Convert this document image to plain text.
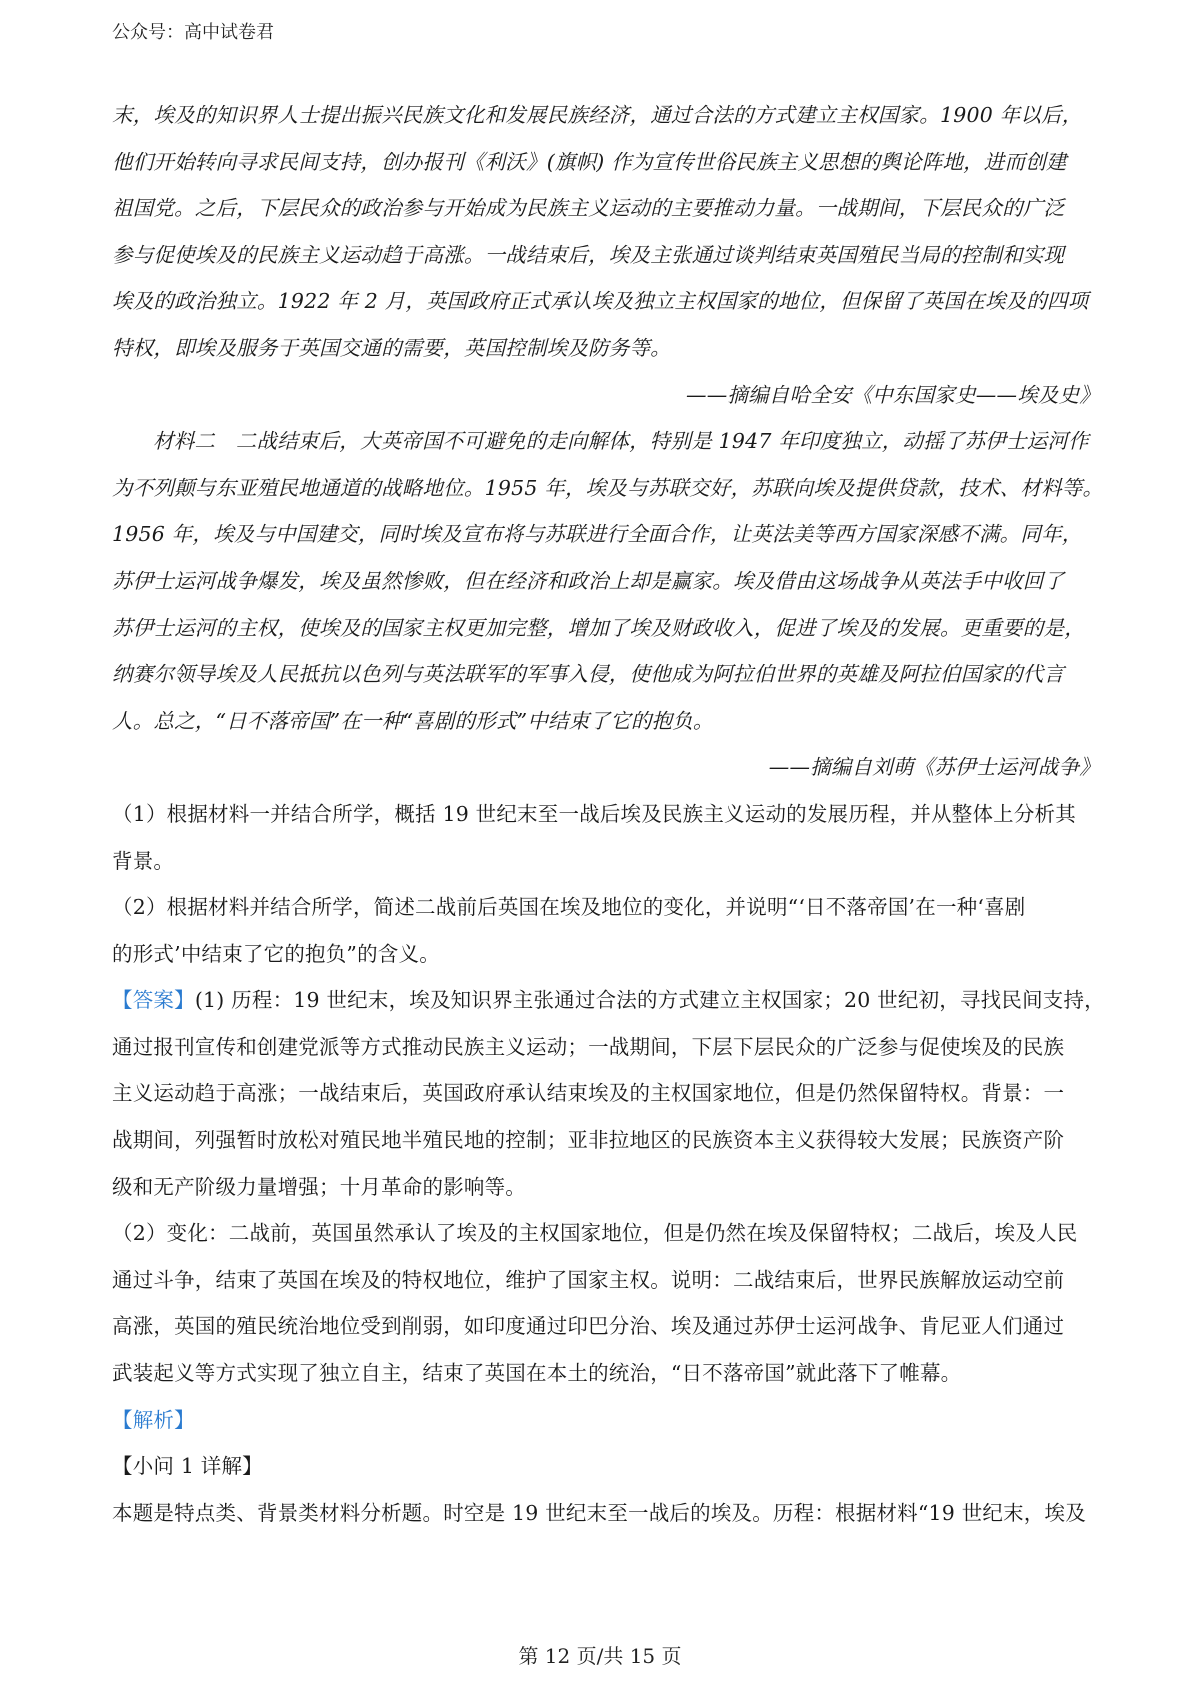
公众号：高中试卷君
末，埃及的知识界人士提出振兴民族文化和发展民族经济，通过合法的方式建立主权国家。1900 年以后，
他们开始转向寻求民间支持，创办报刊《利沃》(旗帜) 作为宣传世俗民族主义思想的舆论阵地，进而创建
祖国党。之后，下层民众的政治参与开始成为民族主义运动的主要推动力量。一战期间，下层民众的广泛
参与促使埃及的民族主义运动趋于高涨。一战结束后，埃及主张通过谈判结束英国殖民当局的控制和实现
埃及的政治独立。1922 年 2 月，英国政府正式承认埃及独立主权国家的地位，但保留了英国在埃及的四项
特权，即埃及服务于英国交通的需要，英国控制埃及防务等。
——摘编自哈全安《中东国家史——埃及史》
材料二　二战结束后，大英帝国不可避免的走向解体，特别是 1947 年印度独立，动摇了苏伊士运河作
为不列颠与东亚殖民地通道的战略地位。1955 年，埃及与苏联交好，苏联向埃及提供贷款，技术、材料等。
1956 年，埃及与中国建交，同时埃及宣布将与苏联进行全面合作，让英法美等西方国家深感不满。同年，
苏伊士运河战争爆发，埃及虽然惨败，但在经济和政治上却是赢家。埃及借由这场战争从英法手中收回了
苏伊士运河的主权，使埃及的国家主权更加完整，增加了埃及财政收入，促进了埃及的发展。更重要的是，
纳赛尔领导埃及人民抵抗以色列与英法联军的军事入侵，使他成为阿拉伯世界的英雄及阿拉伯国家的代言
人。总之，“日不落帝国”在一种“喜剧的形式”中结束了它的抱负。
——摘编自刘萌《苏伊士运河战争》
（1）根据材料一并结合所学，概括 19 世纪末至一战后埃及民族主义运动的发展历程，并从整体上分析其
背景。
（2）根据材料并结合所学，简述二战前后英国在埃及地位的变化，并说明“‘日不落帝国’在一种‘喜剧
的形式’中结束了它的抱负”的含义。
【答案】(1) 历程：19 世纪末，埃及知识界主张通过合法的方式建立主权国家；20 世纪初，寻找民间支持，
通过报刊宣传和创建党派等方式推动民族主义运动；一战期间，下层下层民众的广泛参与促使埃及的民族
主义运动趋于高涨；一战结束后，英国政府承认结束埃及的主权国家地位，但是仍然保留特权。背景：一
战期间，列强暂时放松对殖民地半殖民地的控制；亚非拉地区的民族资本主义获得较大发展；民族资产阶
级和无产阶级力量增强；十月革命的影响等。
（2）变化：二战前，英国虽然承认了埃及的主权国家地位，但是仍然在埃及保留特权；二战后，埃及人民
通过斗争，结束了英国在埃及的特权地位，维护了国家主权。说明：二战结束后，世界民族解放运动空前
高涨，英国的殖民统治地位受到削弱，如印度通过印巴分治、埃及通过苏伊士运河战争、肯尼亚人们通过
武装起义等方式实现了独立自主，结束了英国在本土的统治，“日不落帝国”就此落下了帷幕。
【解析】
【小问 1 详解】
本题是特点类、背景类材料分析题。时空是 19 世纪末至一战后的埃及。历程：根据材料“19 世纪末，埃及
第 12 页/共 15 页
